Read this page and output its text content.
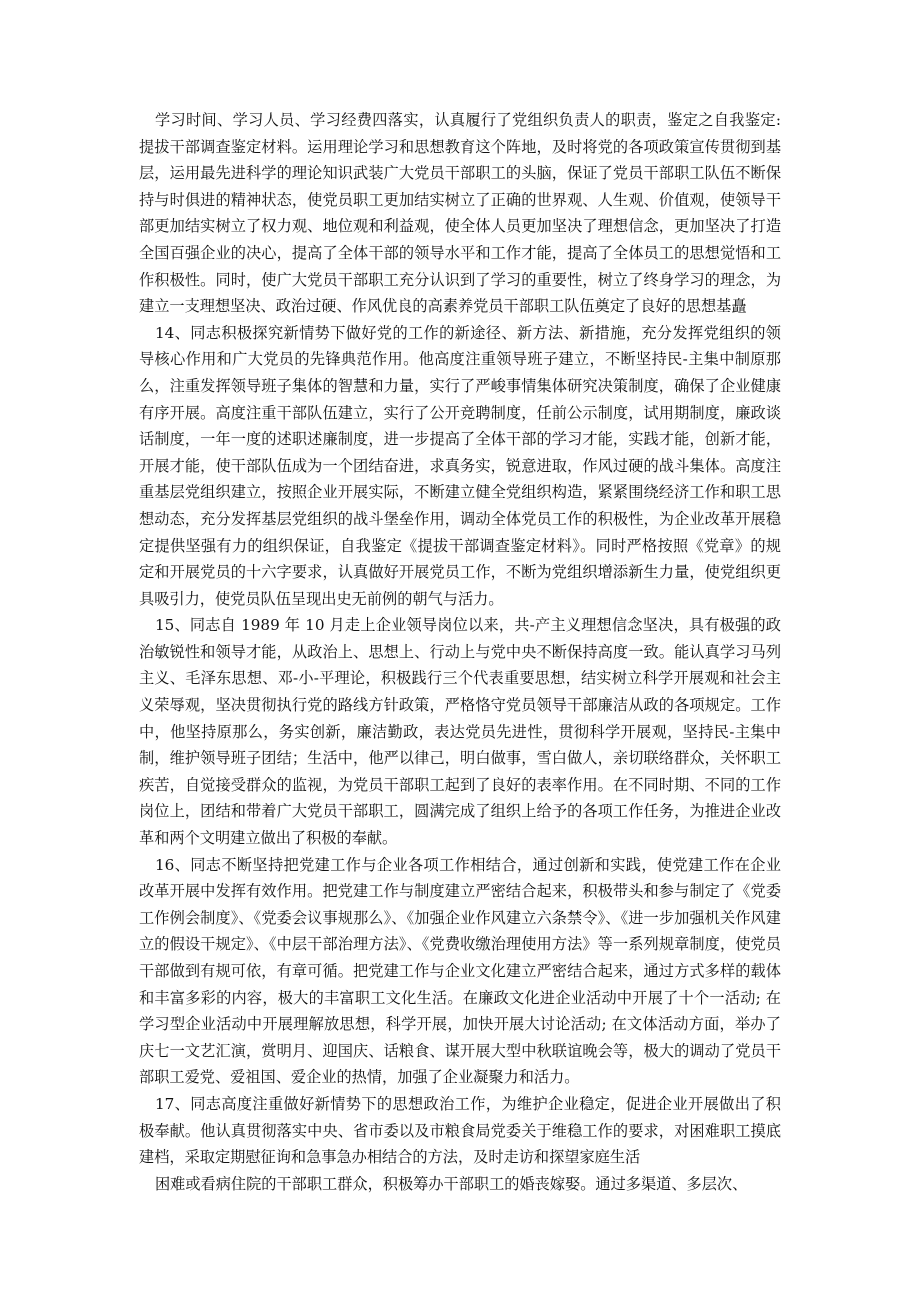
学习时间、学习人员、学习经费四落实，认真履行了党组织负责人的职责，鉴定之自我鉴定: 提拔干部调查鉴定材料。运用理论学习和思想教育这个阵地，及时将党的各项政策宣传贯彻到基层，运用最先进科学的理论知识武装广大党员干部职工的头脑，保证了党员干部职工队伍不断保持与时俱进的精神状态，使党员职工更加结实树立了正确的世界观、人生观、价值观，使领导干部更加结实树立了权力观、地位观和利益观，使全体人员更加坚决了理想信念，更加坚决了打造全国百强企业的决心，提高了全体干部的领导水平和工作才能，提高了全体员工的思想觉悟和工作积极性。同时，使广大党员干部职工充分认识到了学习的重要性，树立了终身学习的理念，为建立一支理想坚决、政治过硬、作风优良的高素养党员干部职工队伍奠定了良好的思想基矗

14、同志积极探究新情势下做好党的工作的新途径、新方法、新措施，充分发挥党组织的领导核心作用和广大党员的先锋典范作用。他高度注重领导班子建立，不断坚持民-主集中制原那么，注重发挥领导班子集体的智慧和力量，实行了严峻事情集体研究决策制度，确保了企业健康有序开展。高度注重干部队伍建立，实行了公开竞聘制度，任前公示制度，试用期制度，廉政谈话制度，一年一度的述职述廉制度，进一步提高了全体干部的学习才能，实践才能，创新才能，开展才能，使干部队伍成为一个团结奋进，求真务实，锐意进取，作风过硬的战斗集体。高度注重基层党组织建立，按照企业开展实际，不断建立健全党组织构造，紧紧围绕经济工作和职工思想动态，充分发挥基层党组织的战斗堡垒作用，调动全体党员工作的积极性，为企业改革开展稳定提供坚强有力的组织保证，自我鉴定《提拔干部调查鉴定材料》。同时严格按照《党章》的规定和开展党员的十六字要求，认真做好开展党员工作，不断为党组织增添新生力量，使党组织更具吸引力，使党员队伍呈现出史无前例的朝气与活力。

15、同志自 1989 年 10 月走上企业领导岗位以来，共-产主义理想信念坚决，具有极强的政治敏锐性和领导才能，从政治上、思想上、行动上与党中央不断保持高度一致。能认真学习马列主义、毛泽东思想、邓-小-平理论，积极践行三个代表重要思想，结实树立科学开展观和社会主义荣辱观，坚决贯彻执行党的路线方针政策，严格恪守党员领导干部廉洁从政的各项规定。工作中，他坚持原那么，务实创新，廉洁勤政，表达党员先进性，贯彻科学开展观，坚持民-主集中制，维护领导班子团结；生活中，他严以律己，明白做事，雪白做人，亲切联络群众，关怀职工疾苦，自觉接受群众的监视，为党员干部职工起到了良好的表率作用。在不同时期、不同的工作岗位上，团结和带着广大党员干部职工，圆满完成了组织上给予的各项工作任务，为推进企业改革和两个文明建立做出了积极的奉献。

16、同志不断坚持把党建工作与企业各项工作相结合，通过创新和实践，使党建工作在企业改革开展中发挥有效作用。把党建工作与制度建立严密结合起来，积极带头和参与制定了《党委工作例会制度》、《党委会议事规那么》、《加强企业作风建立六条禁令》、《进一步加强机关作风建立的假设干规定》、《中层干部治理方法》、《党费收缴治理使用方法》等一系列规章制度，使党员干部做到有规可依，有章可循。把党建工作与企业文化建立严密结合起来，通过方式多样的载体和丰富多彩的内容，极大的丰富职工文化生活。在廉政文化进企业活动中开展了十个一活动; 在学习型企业活动中开展理解放思想，科学开展，加快开展大讨论活动; 在文体活动方面，举办了庆七一文艺汇演，赏明月、迎国庆、话粮食、谋开展大型中秋联谊晚会等，极大的调动了党员干部职工爱党、爱祖国、爱企业的热情，加强了企业凝聚力和活力。

17、同志高度注重做好新情势下的思想政治工作，为维护企业稳定，促进企业开展做出了积极奉献。他认真贯彻落实中央、省市委以及市粮食局党委关于维稳工作的要求，对困难职工摸底建档，采取定期慰征询和急事急办相结合的方法，及时走访和探望家庭生活

困难或看病住院的干部职工群众，积极筹办干部职工的婚丧嫁娶。通过多渠道、多层次、
